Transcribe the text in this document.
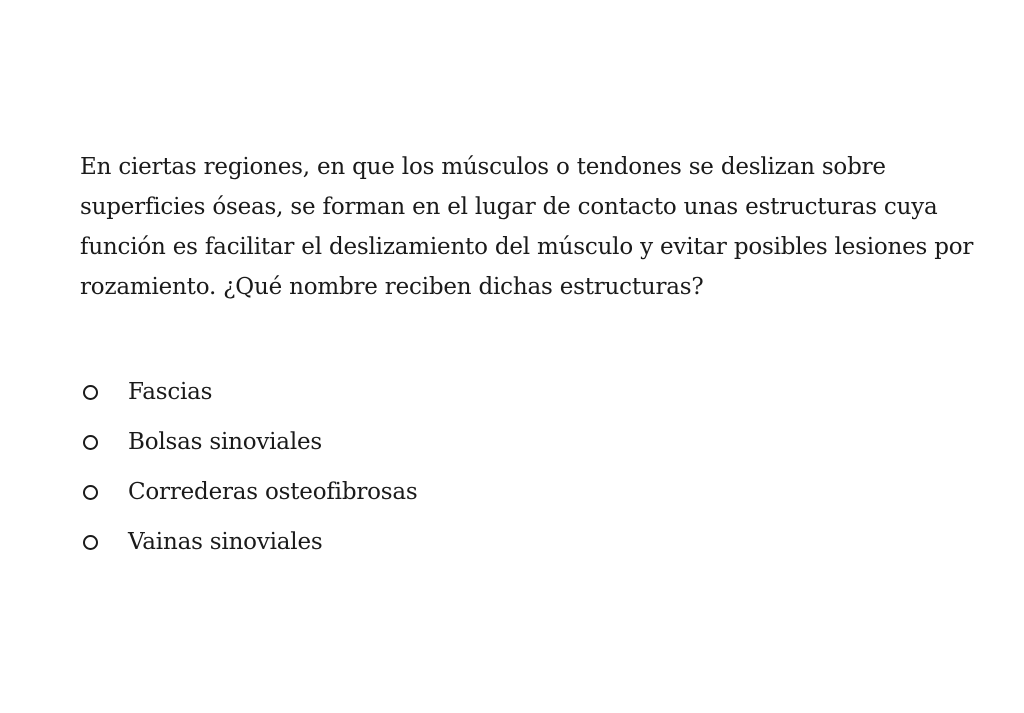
En ciertas regiones, en que los músculos o tendones se deslizan sobre
superficies óseas, se forman en el lugar de contacto unas estructuras cuya
función es facilitar el deslizamiento del músculo y evitar posibles lesiones por
rozamiento. ¿Qué nombre reciben dichas estructuras?
Fascias
Bolsas sinoviales
Correderas osteofibrosas
Vainas sinoviales
